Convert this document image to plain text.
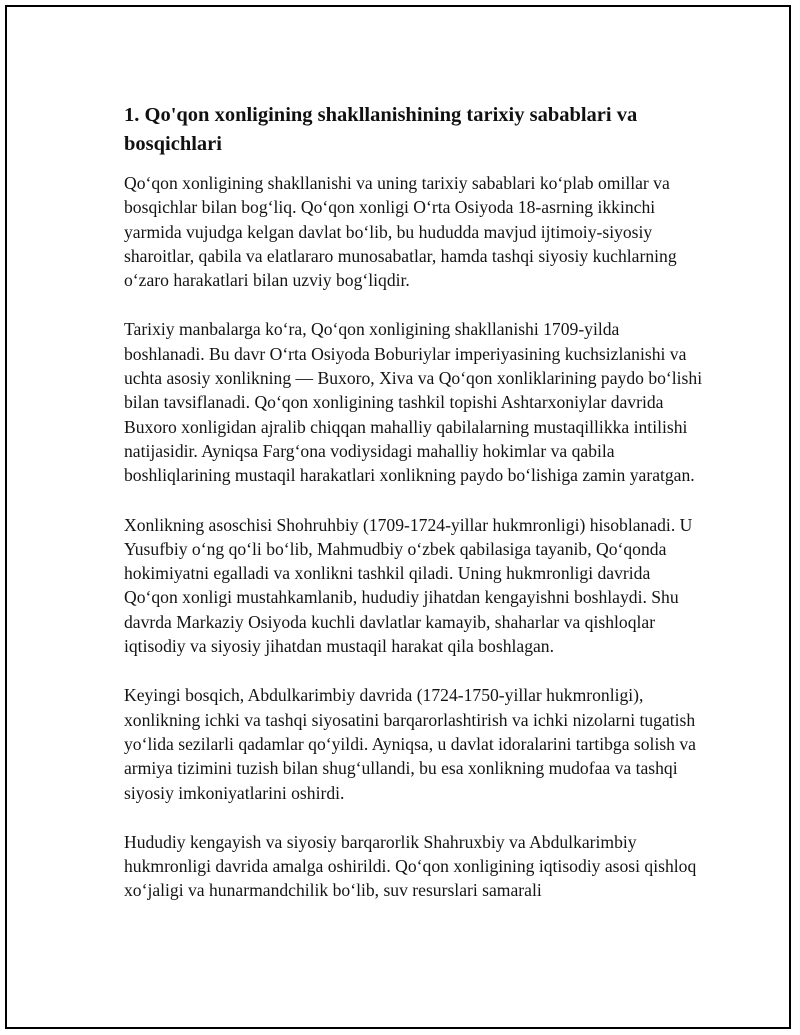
1. Qo'qon xonligining shakllanishining tarixiy sabablari va bosqichlari

Qo‘qon xonligining shakllanishi va uning tarixiy sabablari ko‘plab omillar va bosqichlar bilan bog‘liq. Qo‘qon xonligi O‘rta Osiyoda 18-asrning ikkinchi yarmida vujudga kelgan davlat bo‘lib, bu hududda mavjud ijtimoiy-siyosiy sharoitlar, qabila va elatlararo munosabatlar, hamda tashqi siyosiy kuchlarning o‘zaro harakatlari bilan uzviy bog‘liqdir.

Tarixiy manbalarga ko‘ra, Qo‘qon xonligining shakllanishi 1709-yilda boshlanadi. Bu davr O‘rta Osiyoda Boburiylar imperiyasining kuchsizlanishi va uchta asosiy xonlikning — Buxoro, Xiva va Qo‘qon xonliklarining paydo bo‘lishi bilan tavsiflanadi. Qo‘qon xonligining tashkil topishi Ashtarxoniylar davrida Buxoro xonligidan ajralib chiqqan mahalliy qabilalarning mustaqillikka intilishi natijasidir. Ayniqsa Farg‘ona vodiysidagi mahalliy hokimlar va qabila boshliqlarining mustaqil harakatlari xonlikning paydo bo‘lishiga zamin yaratgan.

Xonlikning asoschisi Shohruhbiy (1709-1724-yillar hukmronligi) hisoblanadi. U Yusufbiy o‘ng qo‘li bo‘lib, Mahmudbiy o‘zbek qabilasiga tayanib, Qo‘qonda hokimiyatni egalladi va xonlikni tashkil qiladi. Uning hukmronligi davrida Qo‘qon xonligi mustahkamlanib, hududiy jihatdan kengayishni boshlaydi. Shu davrda Markaziy Osiyoda kuchli davlatlar kamayib, shaharlar va qishloqlar iqtisodiy va siyosiy jihatdan mustaqil harakat qila boshlagan.

Keyingi bosqich, Abdulkarimbiy davrida (1724-1750-yillar hukmronligi), xonlikning ichki va tashqi siyosatini barqarorlashtirish va ichki nizolarni tugatish yo‘lida sezilarli qadamlar qo‘yildi. Ayniqsa, u davlat idoralarini tartibga solish va armiya tizimini tuzish bilan shug‘ullandi, bu esa xonlikning mudofaa va tashqi siyosiy imkoniyatlarini oshirdi.

Hududiy kengayish va siyosiy barqarorlik Shahruxbiy va Abdulkarimbiy hukmronligi davrida amalga oshirildi. Qo‘qon xonligining iqtisodiy asosi qishloq xo‘jaligi va hunarmandchilik bo‘lib, suv resurslari samarali
